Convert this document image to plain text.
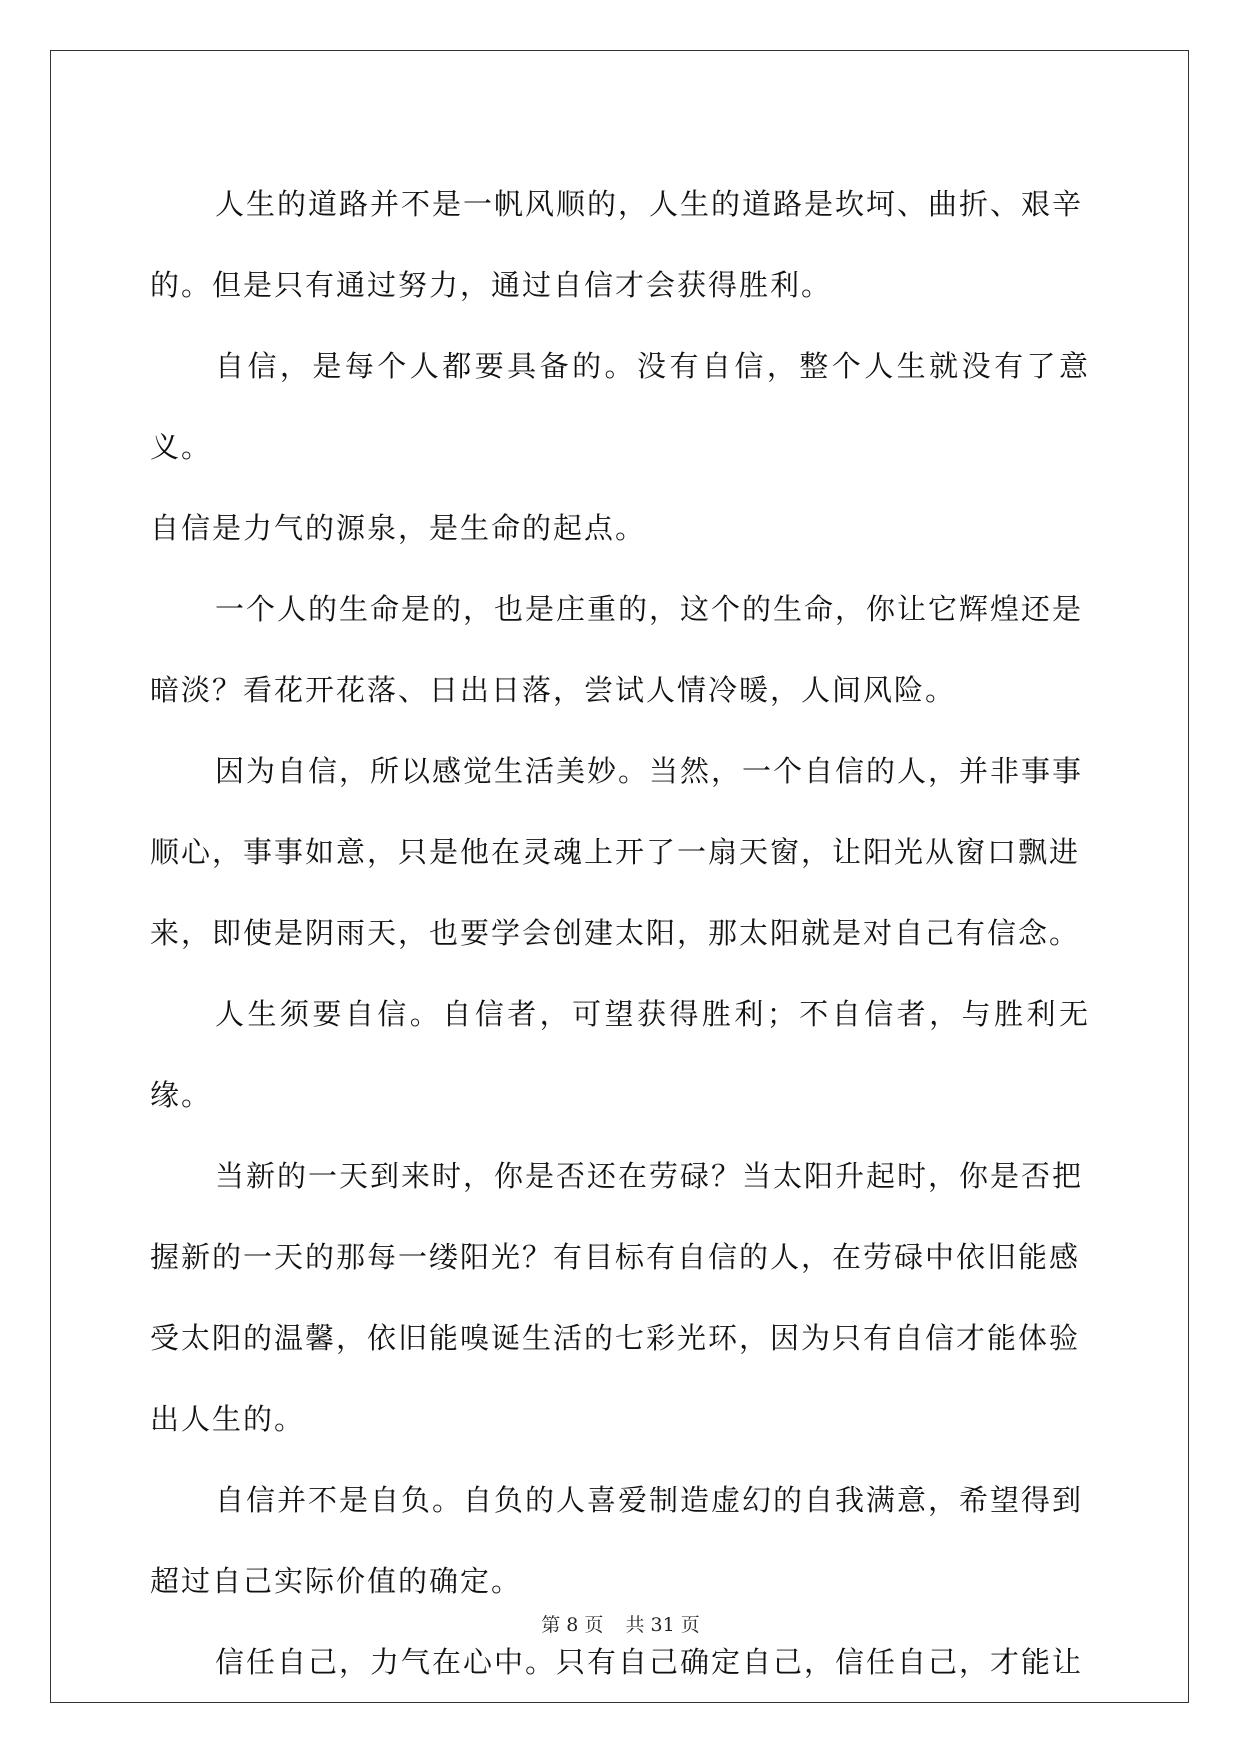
人生的道路并不是一帆风顺的，人生的道路是坎坷、曲折、艰辛

的。但是只有通过努力，通过自信才会获得胜利。

自信，是每个人都要具备的。没有自信，整个人生就没有了意义。

自信是力气的源泉，是生命的起点。

一个人的生命是的，也是庄重的，这个的生命，你让它辉煌还是

暗淡？看花开花落、日出日落，尝试人情冷暖，人间风险。

因为自信，所以感觉生活美妙。当然，一个自信的人，并非事事

顺心，事事如意，只是他在灵魂上开了一扇天窗，让阳光从窗口飘进

来，即使是阴雨天，也要学会创建太阳，那太阳就是对自己有信念。

人生须要自信。自信者，可望获得胜利；不自信者，与胜利无缘。

当新的一天到来时，你是否还在劳碌？当太阳升起时，你是否把

握新的一天的那每一缕阳光？有目标有自信的人，在劳碌中依旧能感

受太阳的温馨，依旧能嗅诞生活的七彩光环，因为只有自信才能体验

出人生的。

自信并不是自负。自负的人喜爱制造虚幻的自我满意，希望得到

超过自己实际价值的确定。

信任自己，力气在心中。只有自己确定自己，信任自己，才能让

第 8 页 共 31 页
